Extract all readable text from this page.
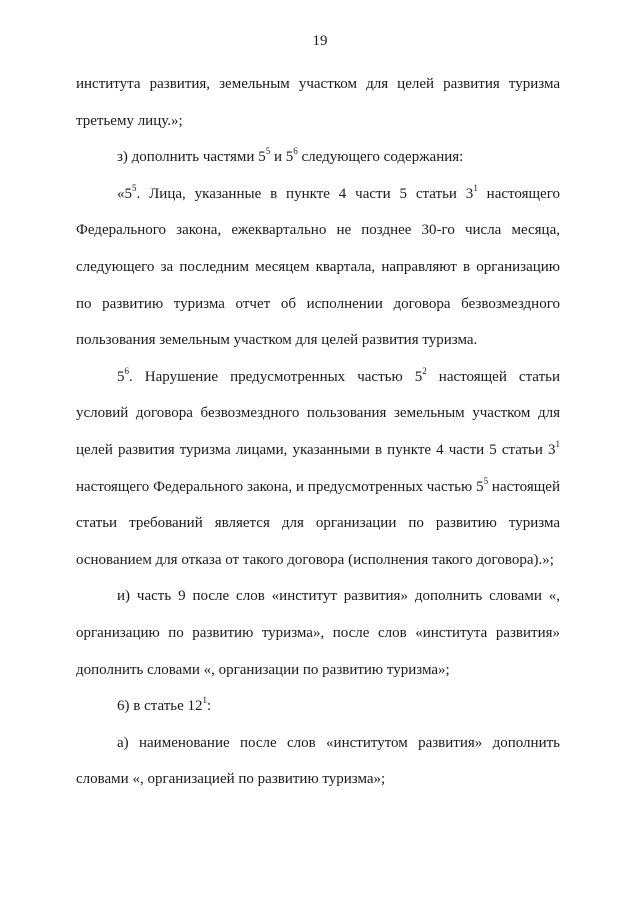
19

института развития, земельным участком для целей развития туризма

третьему лицу.»;

з) дополнить частями $5^5$ и $5^6$ следующего содержания:

«$5^5$. Лица, указанные в пункте 4 части 5 статьи $3^1$ настоящего Федерального закона, ежеквартально не позднее 30-го числа месяца, следующего за последним месяцем квартала, направляют в организацию по развитию туризма отчет об исполнении договора безвозмездного пользования земельным участком для целей развития туризма.

$5^6$. Нарушение предусмотренных частью $5^2$ настоящей статьи условий договора безвозмездного пользования земельным участком для целей развития туризма лицами, указанными в пункте 4 части 5 статьи $3^1$ настоящего Федерального закона, и предусмотренных частью $5^5$ настоящей статьи требований является для организации по развитию туризма основанием для отказа от такого договора (исполнения такого договора).»;

и) часть 9 после слов «институт развития» дополнить словами «, организацию по развитию туризма», после слов «института развития» дополнить словами «, организации по развитию туризма»;

6) в статье $12^1$:

а) наименование после слов «институтом развития» дополнить словами «, организацией по развитию туризма»;
